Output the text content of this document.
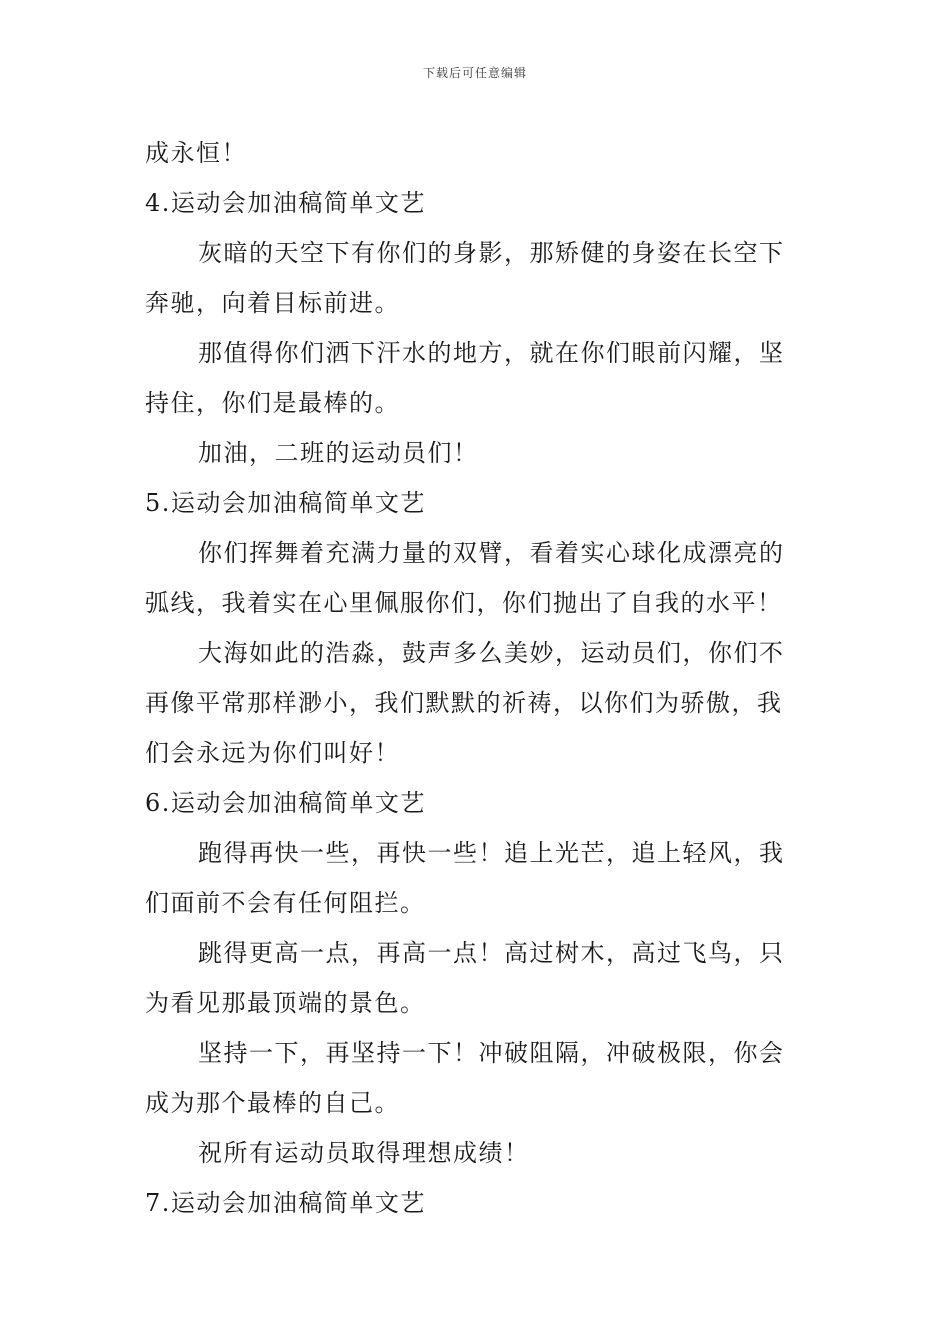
下载后可任意编辑
成永恒！
4.运动会加油稿简单文艺
灰暗的天空下有你们的身影，那矫健的身姿在长空下
奔驰，向着目标前进。
那值得你们洒下汗水的地方，就在你们眼前闪耀，坚
持住，你们是最棒的。
加油，二班的运动员们！
5.运动会加油稿简单文艺
你们挥舞着充满力量的双臂，看着实心球化成漂亮的
弧线，我着实在心里佩服你们，你们抛出了自我的水平！
大海如此的浩淼，鼓声多么美妙，运动员们，你们不
再像平常那样渺小，我们默默的祈祷，以你们为骄傲，我
们会永远为你们叫好！
6.运动会加油稿简单文艺
跑得再快一些，再快一些！追上光芒，追上轻风，我
们面前不会有任何阻拦。
跳得更高一点，再高一点！高过树木，高过飞鸟，只
为看见那最顶端的景色。
坚持一下，再坚持一下！冲破阻隔，冲破极限，你会
成为那个最棒的自己。
祝所有运动员取得理想成绩！
7.运动会加油稿简单文艺
